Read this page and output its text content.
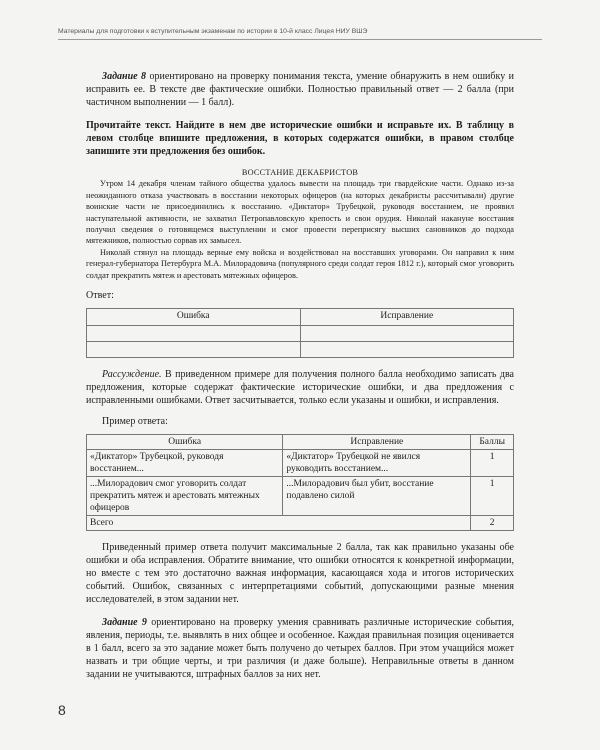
Материалы для подготовки к вступительным экзаменам по истории в 10-й класс Лицея НИУ ВШЭ

Задание 8 ориентировано на проверку понимания текста, умение обнаружить в нем ошибку и исправить ее. В тексте две фактические ошибки. Полностью правильный ответ — 2 балла (при частичном выполнении — 1 балл).

Прочитайте текст. Найдите в нем две исторические ошибки и исправьте их. В таблицу в левом столбце впишите предложения, в которых содержатся ошибки, в правом столбце запишите эти предложения без ошибок.

ВОССТАНИЕ ДЕКАБРИСТОВ

Утром 14 декабря членам тайного общества удалось вывести на площадь три гвардейские части. Однако из-за неожиданного отказа участвовать в восстании некоторых офицеров (на которых декабристы рассчитывали) другие воинские части не присоединились к восстанию. «Диктатор» Трубецкой, руководя восстанием, не проявил наступательной активности, не захватил Петропавловскую крепость и свои орудия. Николай накануне восстания получил сведения о готовящемся выступлении и смог провести переприсягу высших сановников до подхода мятежников, полностью сорвав их замысел.

Николай стянул на площадь верные ему войска и воздействовал на восставших уговорами. Он направил к ним генерал-губернатора Петербурга М.А. Милорадовича (популярного среди солдат героя 1812 г.), который смог уговорить солдат прекратить мятеж и арестовать мятежных офицеров.

Ответ:

Ошибка	Исправление

Рассуждение. В приведенном примере для получения полного балла необходимо записать два предложения, которые содержат фактические исторические ошибки, и два предложения с исправленными ошибками. Ответ засчитывается, только если указаны и ошибки, и исправления.

Пример ответа:

Ошибка	Исправление	Баллы
«Диктатор» Трубецкой, руководя восстанием...	«Диктатор» Трубецкой не явился руководить восстанием...	1
...Милорадович смог уговорить солдат прекратить мятеж и арестовать мятежных офицеров	...Милорадович был убит, восстание подавлено силой	1
Всего		2

Приведенный пример ответа получит максимальные 2 балла, так как правильно указаны обе ошибки и оба исправления. Обратите внимание, что ошибки относятся к конкретной информации, но вместе с тем это достаточно важная информация, касающаяся хода и итогов исторических событий. Ошибок, связанных с интерпретациями событий, допускающими разные мнения исследователей, в этом задании нет.

Задание 9 ориентировано на проверку умения сравнивать различные исторические события, явления, периоды, т.е. выявлять в них общее и особенное. Каждая правильная позиция оценивается в 1 балл, всего за это задание может быть получено до четырех баллов. При этом учащийся может назвать и три общие черты, и три различия (и даже больше). Неправильные ответы в данном задании не учитываются, штрафных баллов за них нет.

8
